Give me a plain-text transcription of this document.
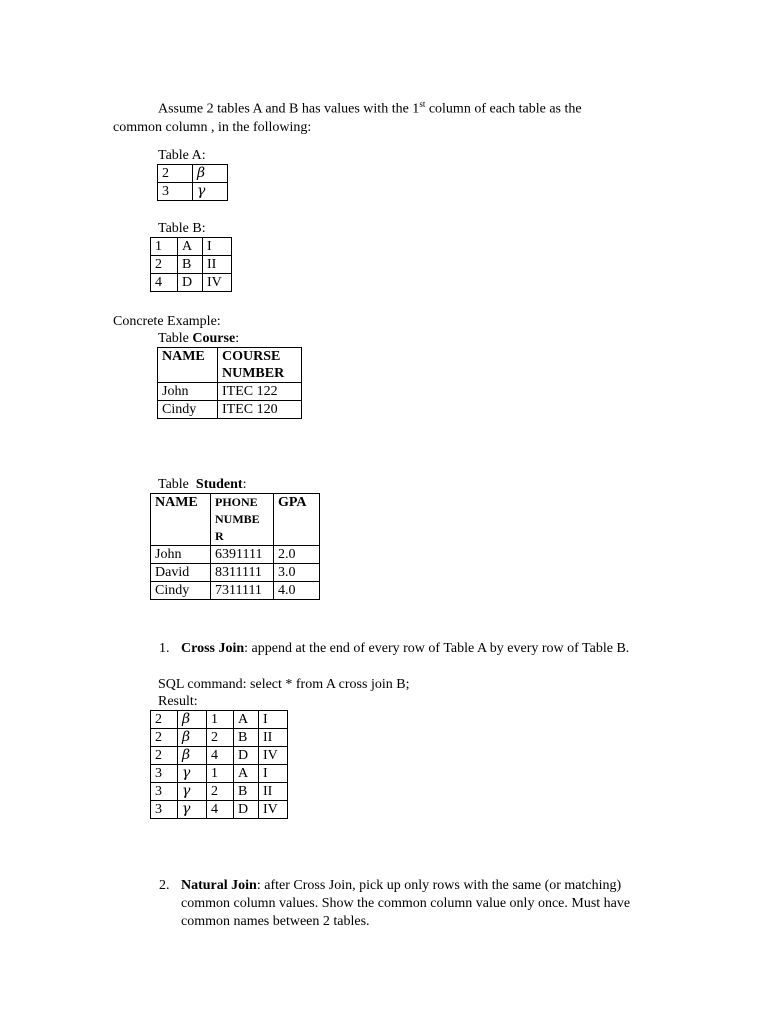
Assume 2 tables A and B has values with the 1st column of each table as the common column , in the following:
Table A:
2	β
3	γ
Table B:
1	A	I
2	B	II
4	D	IV
Concrete Example:
Table Course:
NAME	COURSE NUMBER
John	ITEC 122
Cindy	ITEC 120
Table  Student:
NAME	PHONE NUMBE R	GPA
John	6391111	2.0
David	8311111	3.0
Cindy	7311111	4.0
1. Cross Join: append at the end of every row of Table A by every row of Table B.
SQL command: select * from A cross join B;
Result:
2	β	1	A	I
2	β	2	B	II
2	β	4	D	IV
3	γ	1	A	I
3	γ	2	B	II
3	γ	4	D	IV
2. Natural Join: after Cross Join, pick up only rows with the same (or matching) common column values. Show the common column value only once. Must have common names between 2 tables.
